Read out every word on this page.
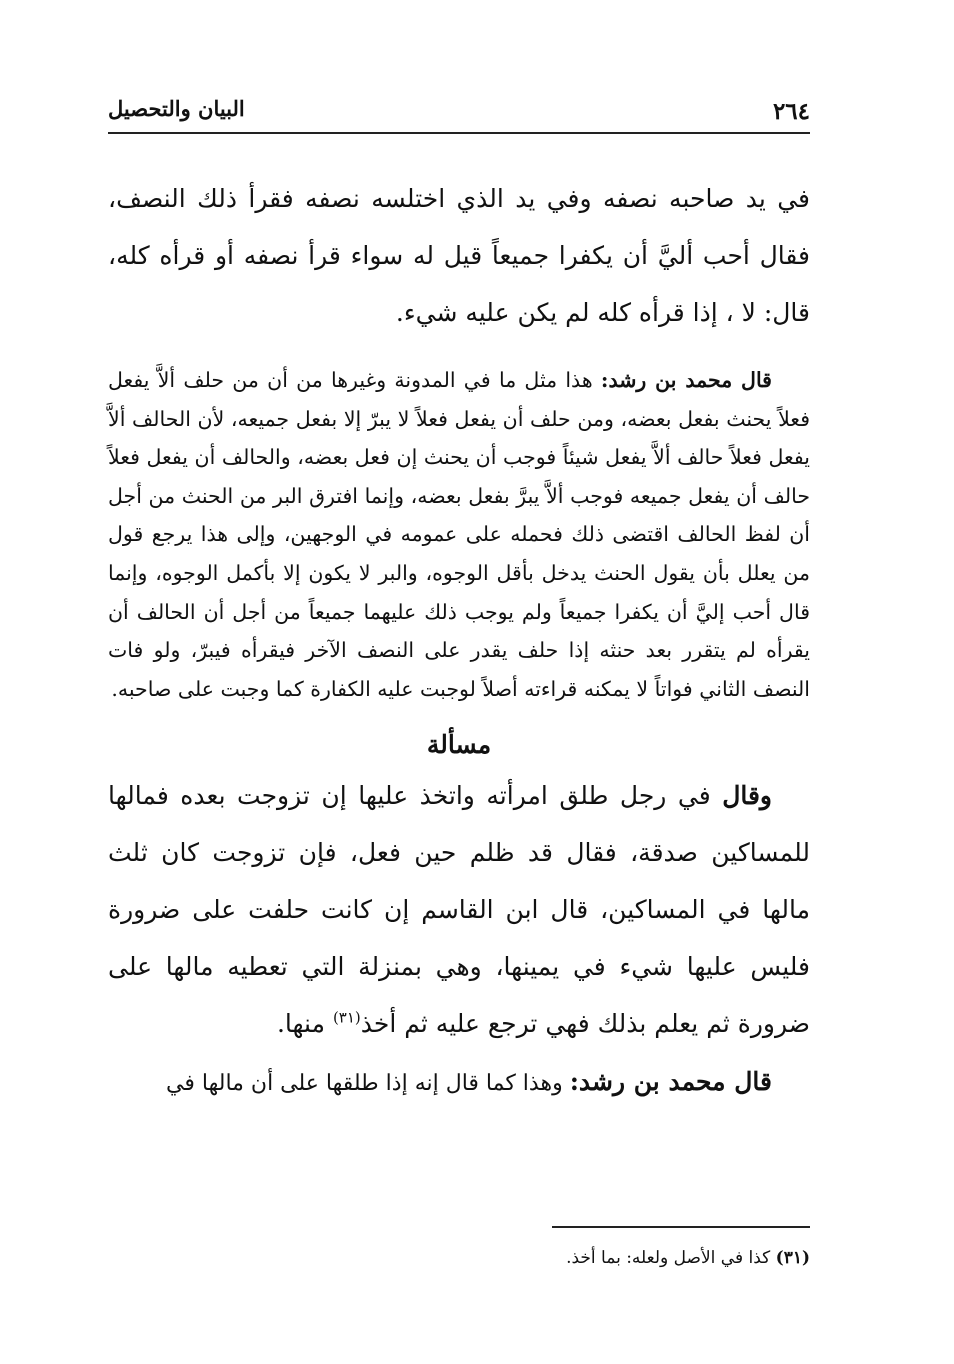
٢٦٤
البيان والتحصيل

في يد صاحبه نصفه وفي يد الذي اختلسه نصفه فقرأ ذلك النصف، فقال أحب أليَّ أن يكفرا جميعاً قيل له سواء قرأ نصفه أو قرأه كله، قال: لا ، إذا قرأه كله لم يكن عليه شيء.

قال محمد بن رشد: هذا مثل ما في المدونة وغيرها من أن من حلف ألاَّ يفعل فعلاً يحنث بفعل بعضه، ومن حلف أن يفعل فعلاً لا يبرّ إلا بفعل جميعه، لأن الحالف ألاَّ يفعل فعلاً حالف ألاَّ يفعل شيئاً فوجب أن يحنث إن فعل بعضه، والحالف أن يفعل فعلاً حالف أن يفعل جميعه فوجب ألاَّ يبرَّ بفعل بعضه، وإنما افترق البر من الحنث من أجل أن لفظ الحالف اقتضى ذلك فحمله على عمومه في الوجهين، وإلى هذا يرجع قول من يعلل بأن يقول الحنث يدخل بأقل الوجوه، والبر لا يكون إلا بأكمل الوجوه، وإنما قال أحب إليَّ أن يكفرا جميعاً ولم يوجب ذلك عليهما جميعاً من أجل أن الحالف أن يقرأه لم يتقرر بعد حنثه إذا حلف يقدر على النصف الآخر فيقرأه فيبرّ، ولو فات النصف الثاني فواتاً لا يمكنه قراءته أصلاً لوجبت عليه الكفارة كما وجبت على صاحبه.

مسألة

وقال في رجل طلق امرأته واتخذ عليها إن تزوجت بعده فمالها للمساكين صدقة، فقال قد ظلم حين فعل، فإن تزوجت كان ثلث مالها في المساكين، قال ابن القاسم إن كانت حلفت على ضرورة فليس عليها شيء في يمينها، وهي بمنزلة التي تعطيه مالها على ضرورة ثم يعلم بذلك فهي ترجع عليه ثم أخذ$^{(٣١)}$ منها.

قال محمد بن رشد: وهذا كما قال إنه إذا طلقها على أن مالها في

(٣١) كذا في الأصل ولعله: بما أخذ.
